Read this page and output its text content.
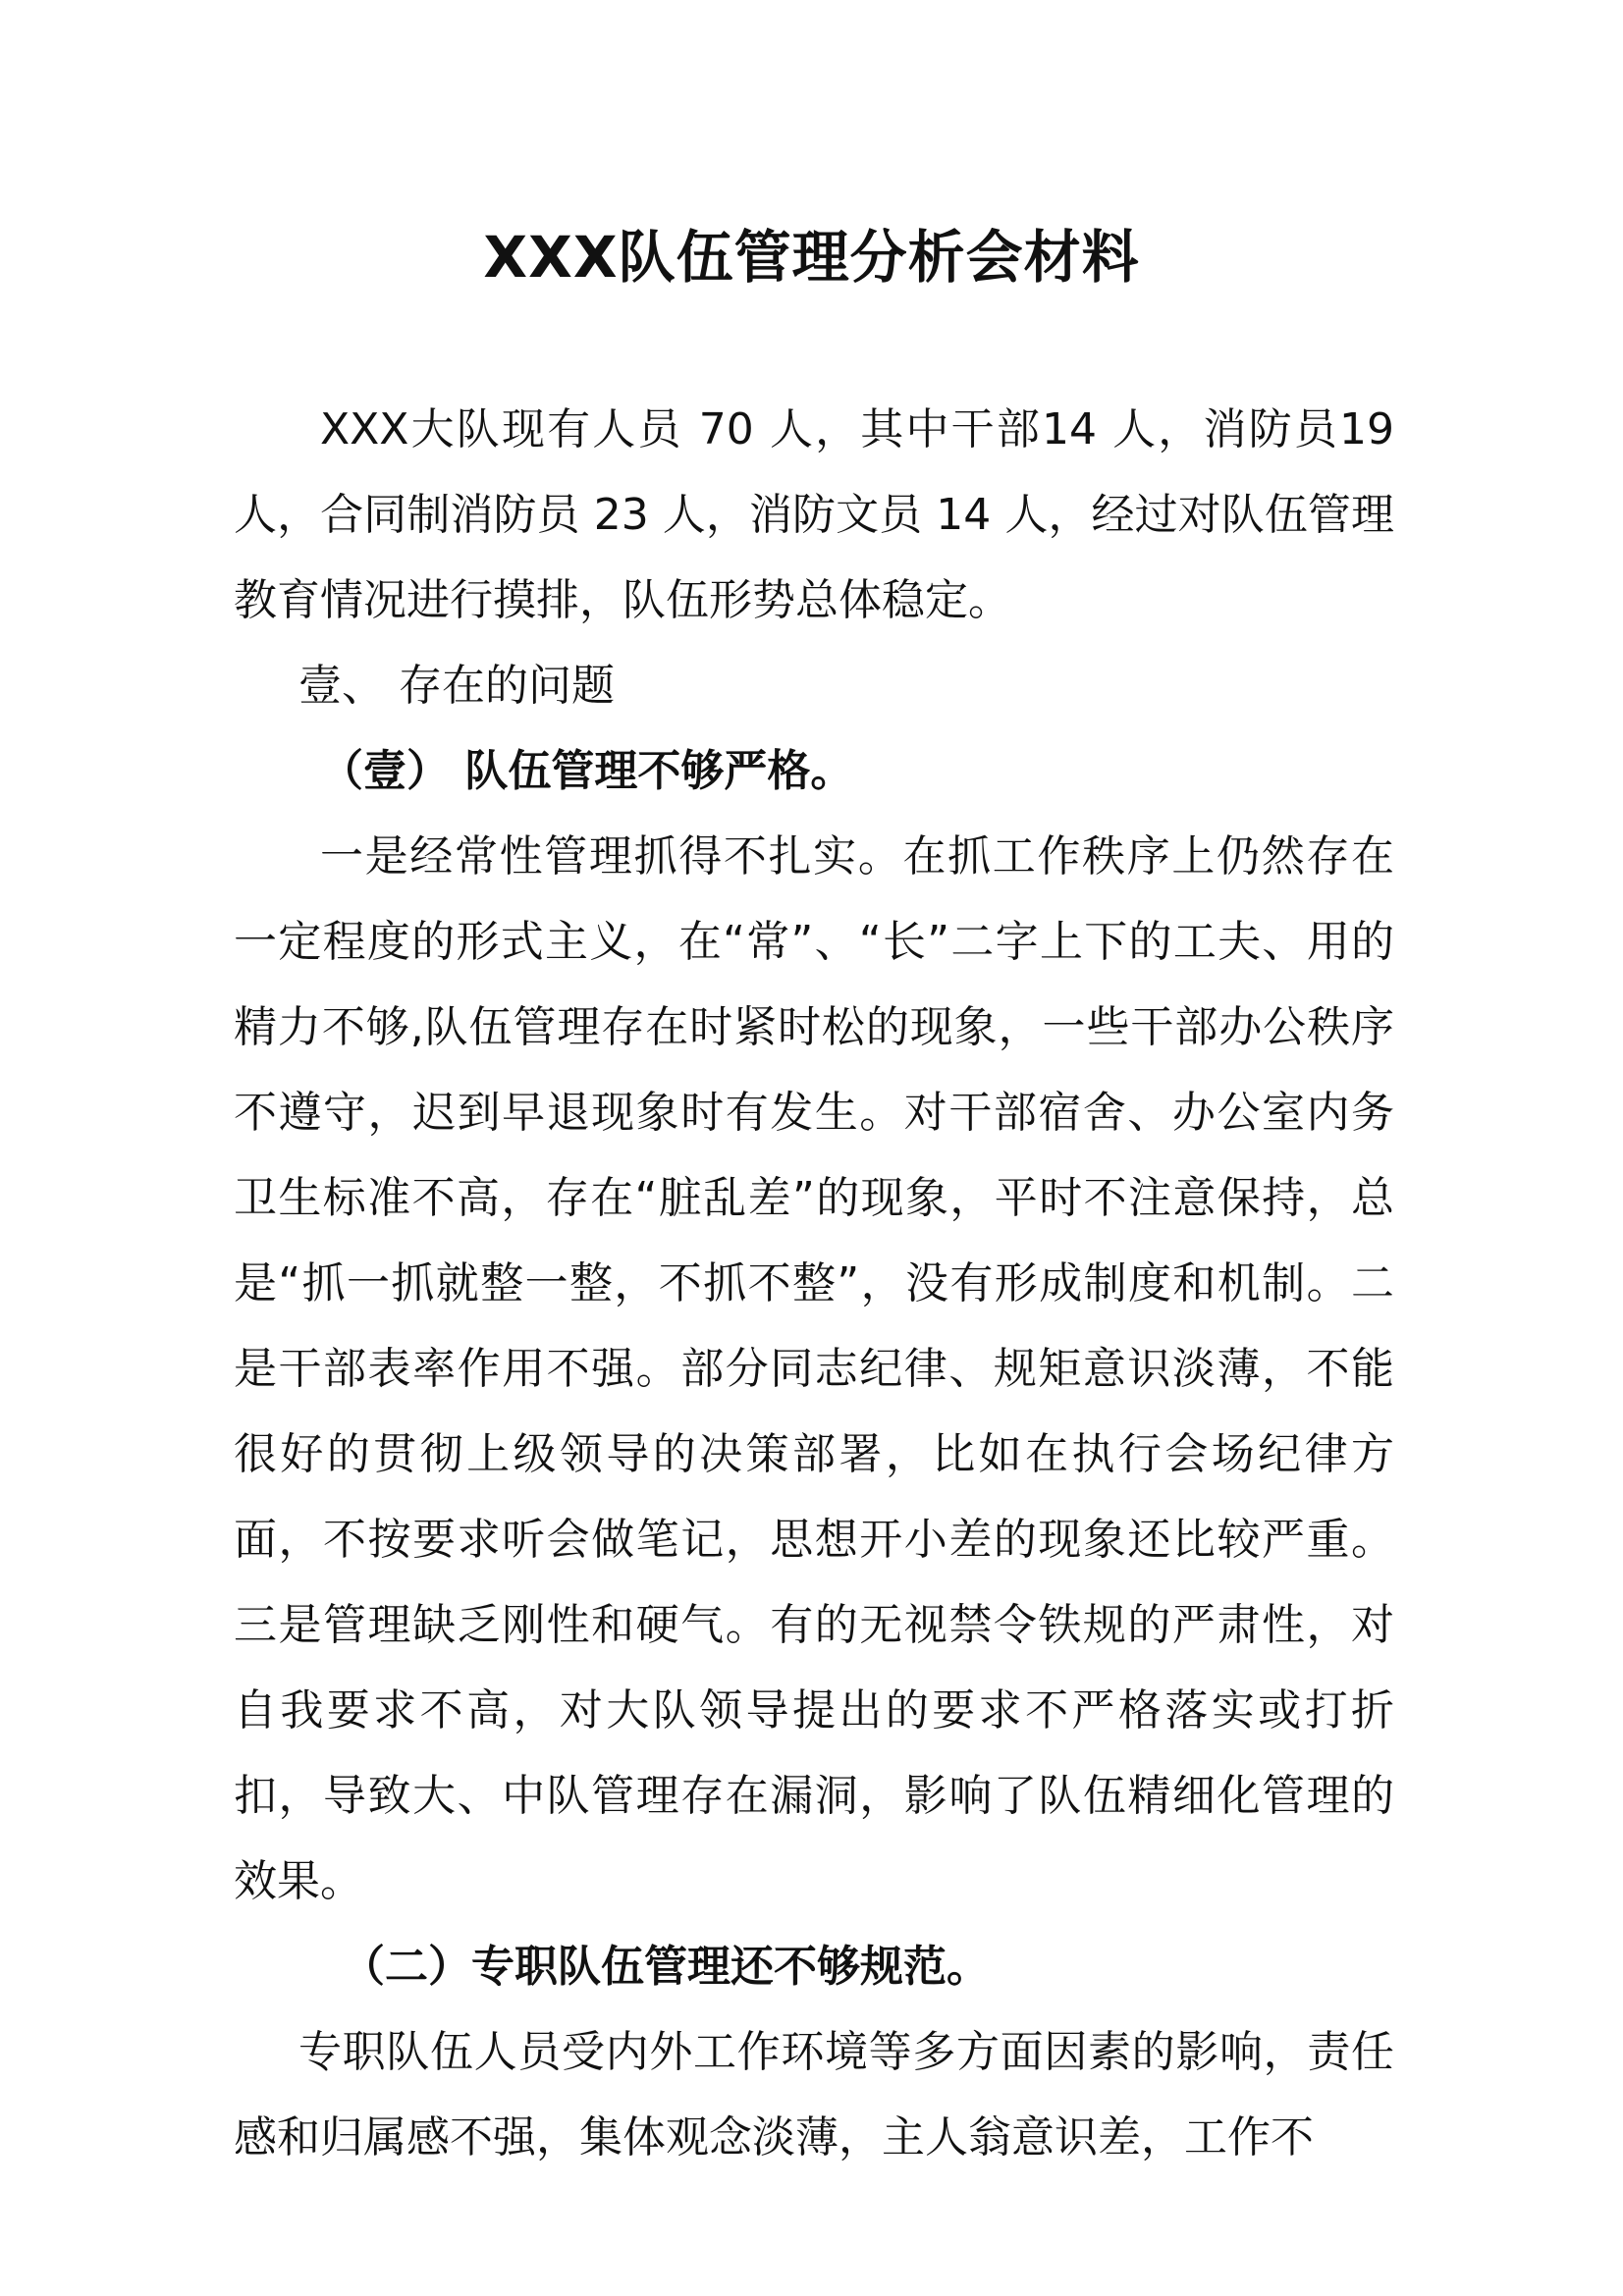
XXX队伍管理分析会材料

XXX大队现有人员 70 人，其中干部14 人，消防员19人，合同制消防员 23 人，消防文员 14 人，经过对队伍管理教育情况进行摸排，队伍形势总体稳定。

壹、 存在的问题

（壹） 队伍管理不够严格。

一是经常性管理抓得不扎实。在抓工作秩序上仍然存在一定程度的形式主义，在“常”、“长”二字上下的工夫、用的精力不够,队伍管理存在时紧时松的现象，一些干部办公秩序不遵守，迟到早退现象时有发生。对干部宿舍、办公室内务卫生标准不高，存在“脏乱差”的现象，平时不注意保持，总是“抓一抓就整一整，不抓不整”，没有形成制度和机制。二是干部表率作用不强。部分同志纪律、规矩意识淡薄，不能很好的贯彻上级领导的决策部署，比如在执行会场纪律方面，不按要求听会做笔记，思想开小差的现象还比较严重。三是管理缺乏刚性和硬气。有的无视禁令铁规的严肃性，对自我要求不高，对大队领导提出的要求不严格落实或打折扣，导致大、中队管理存在漏洞，影响了队伍精细化管理的效果。

（二）专职队伍管理还不够规范。

专职队伍人员受内外工作环境等多方面因素的影响，责任感和归属感不强，集体观念淡薄，主人翁意识差，工作不
